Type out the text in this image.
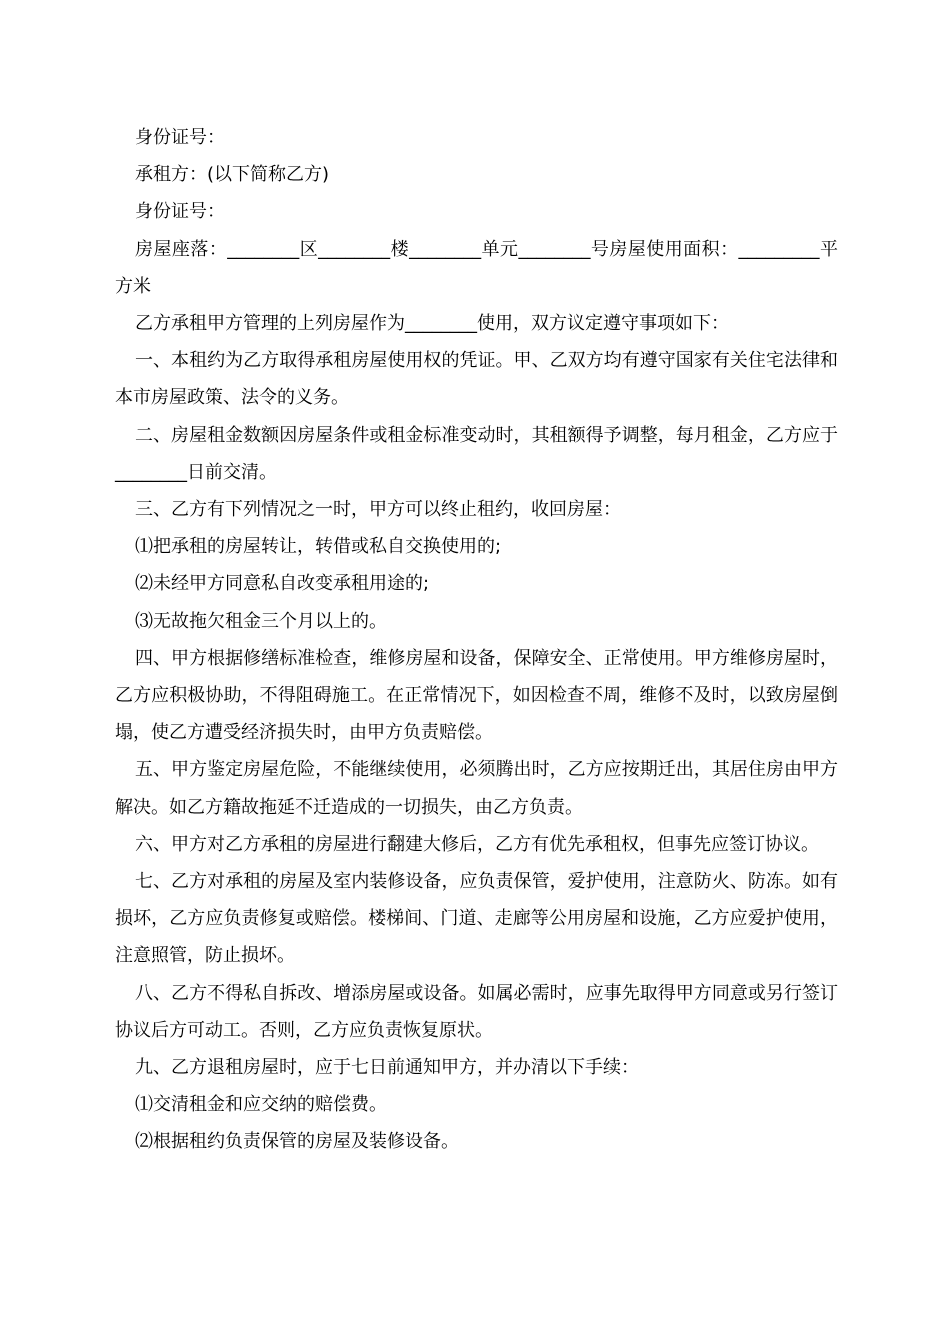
身份证号：

承租方：(以下简称乙方)

身份证号：

房屋座落：________区________楼________单元________号房屋使用面积：_________平方米

乙方承租甲方管理的上列房屋作为________使用，双方议定遵守事项如下：

一、本租约为乙方取得承租房屋使用权的凭证。甲、乙双方均有遵守国家有关住宅法律和本市房屋政策、法令的义务。

二、房屋租金数额因房屋条件或租金标准变动时，其租额得予调整，每月租金，乙方应于________日前交清。

三、乙方有下列情况之一时，甲方可以终止租约，收回房屋：

⑴把承租的房屋转让，转借或私自交换使用的;

⑵未经甲方同意私自改变承租用途的;

⑶无故拖欠租金三个月以上的。

四、甲方根据修缮标准检查，维修房屋和设备，保障安全、正常使用。甲方维修房屋时，乙方应积极协助，不得阻碍施工。在正常情况下，如因检查不周，维修不及时，以致房屋倒塌，使乙方遭受经济损失时，由甲方负责赔偿。

五、甲方鉴定房屋危险，不能继续使用，必须腾出时，乙方应按期迁出，其居住房由甲方解决。如乙方籍故拖延不迁造成的一切损失，由乙方负责。

六、甲方对乙方承租的房屋进行翻建大修后，乙方有优先承租权，但事先应签订协议。

七、乙方对承租的房屋及室内装修设备，应负责保管，爱护使用，注意防火、防冻。如有损坏，乙方应负责修复或赔偿。楼梯间、门道、走廊等公用房屋和设施，乙方应爱护使用，注意照管，防止损坏。

八、乙方不得私自拆改、增添房屋或设备。如属必需时，应事先取得甲方同意或另行签订协议后方可动工。否则，乙方应负责恢复原状。

九、乙方退租房屋时，应于七日前通知甲方，并办清以下手续：

⑴交清租金和应交纳的赔偿费。

⑵根据租约负责保管的房屋及装修设备。
